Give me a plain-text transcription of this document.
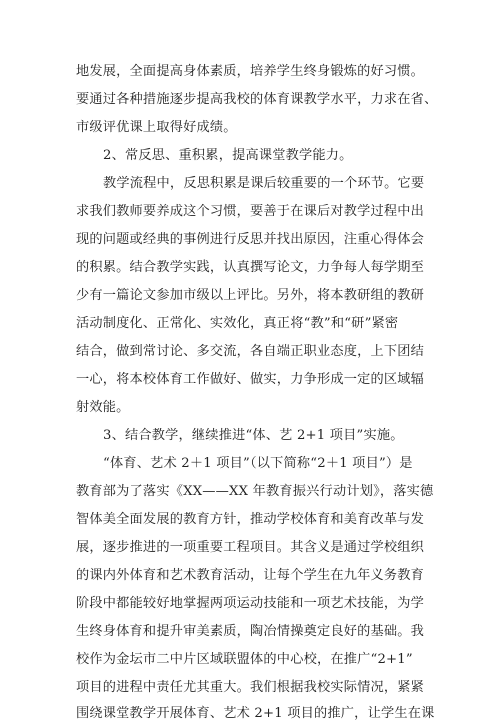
地发展，全面提高身体素质，培养学生终身锻炼的好习惯。
要通过各种措施逐步提高我校的体育课教学水平，力求在省、
市级评优课上取得好成绩。
2、常反思、重积累，提高课堂教学能力。
教学流程中，反思积累是课后较重要的一个环节。它要
求我们教师要养成这个习惯，要善于在课后对教学过程中出
现的问题或经典的事例进行反思并找出原因，注重心得体会
的积累。结合教学实践，认真撰写论文，力争每人每学期至
少有一篇论文参加市级以上评比。另外，将本教研组的教研
活动制度化、正常化、实效化，真正将“教”和“研”紧密
结合，做到常讨论、多交流，各自端正职业态度，上下团结
一心，将本校体育工作做好、做实，力争形成一定的区域辐
射效能。
3、结合教学，继续推进“体、艺 2+1 项目”实施。
“体育、艺术 2＋1 项目”（以下简称“2＋1 项目”）是
教育部为了落实《XX——XX 年教育振兴行动计划》，落实德
智体美全面发展的教育方针，推动学校体育和美育改革与发
展，逐步推进的一项重要工程项目。其含义是通过学校组织
的课内外体育和艺术教育活动，让每个学生在九年义务教育
阶段中都能较好地掌握两项运动技能和一项艺术技能，为学
生终身体育和提升审美素质，陶冶情操奠定良好的基础。我
校作为金坛市二中片区域联盟体的中心校，在推广“2+1”
项目的进程中责任尤其重大。我们根据我校实际情况，紧紧
围绕课堂教学开展体育、艺术 2+1 项目的推广，让学生在课
